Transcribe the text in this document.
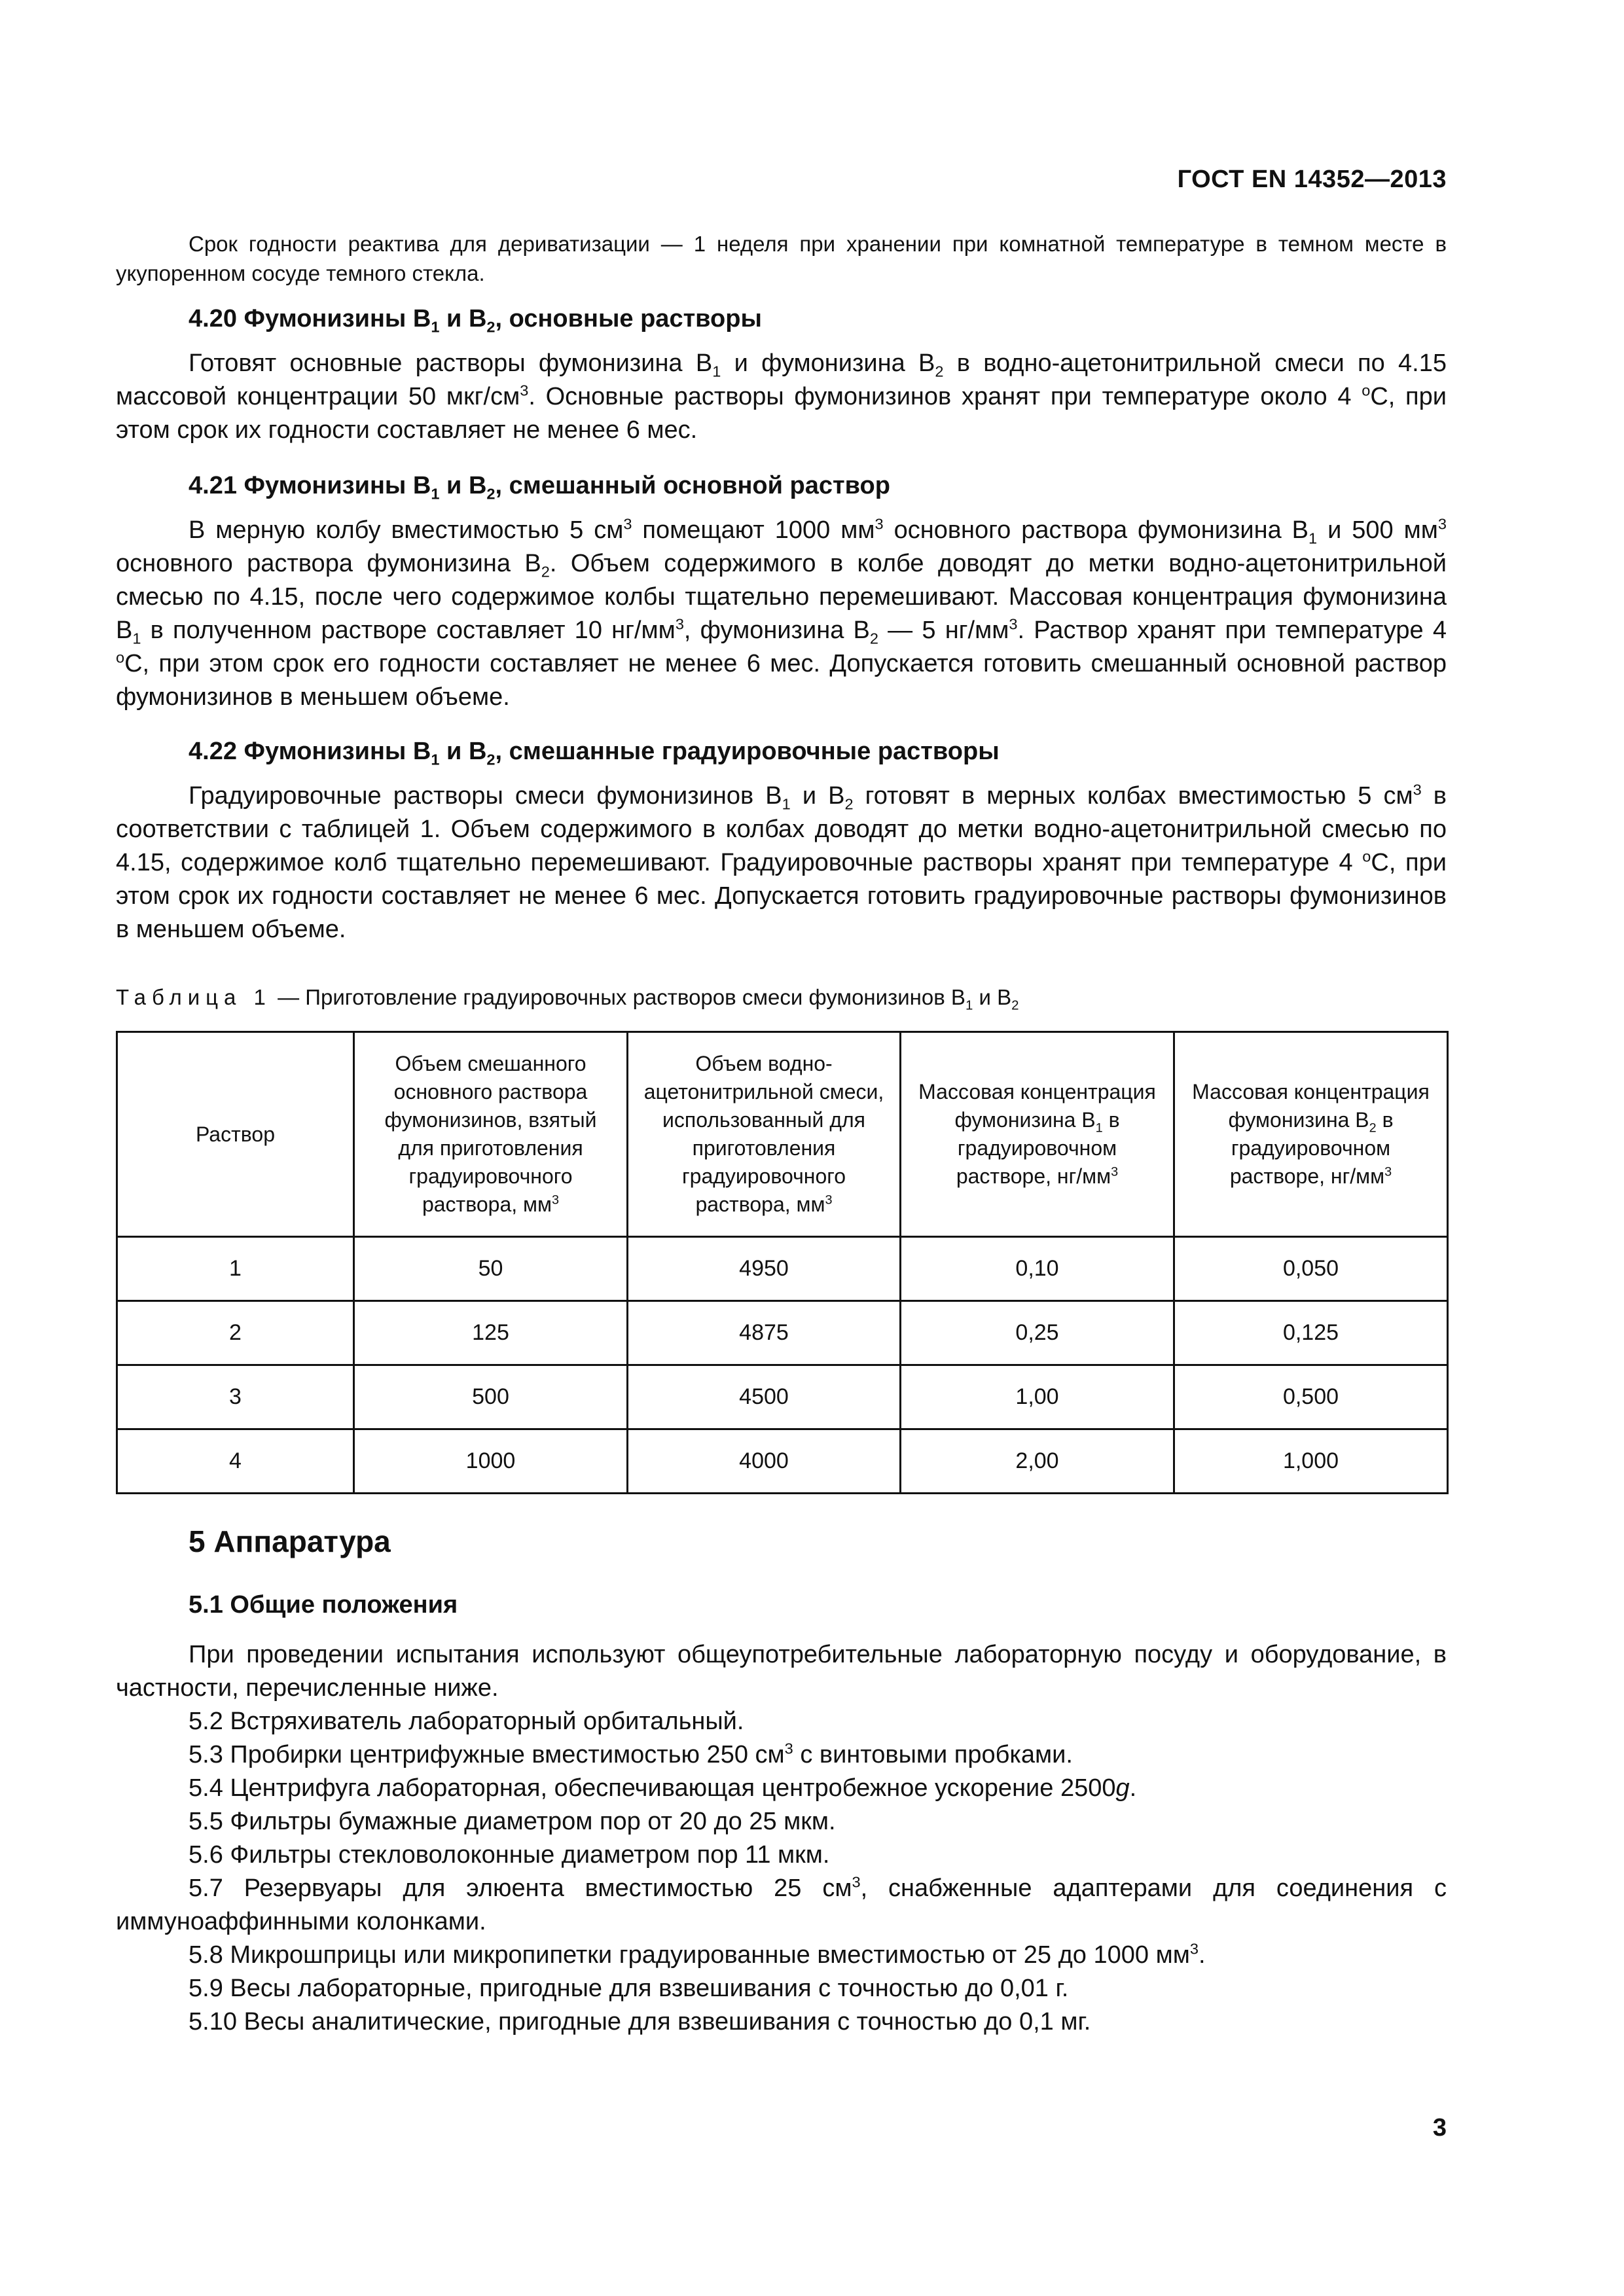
ГОСТ EN 14352—2013

Срок годности реактива для дериватизации — 1 неделя при хранении при комнатной температуре в темном месте в укупоренном сосуде темного стекла.

4.20 Фумонизины $B_1$ и $B_2$, основные растворы

Готовят основные растворы фумонизина $B_1$ и фумонизина $B_2$ в водно-ацетонитрильной смеси по 4.15 массовой концентрации 50 мкг/$см^3$. Основные растворы фумонизинов хранят при температуре около 4 $^o$C, при этом срок их годности составляет не менее 6 мес.

4.21 Фумонизины $B_1$ и $B_2$, смешанный основной раствор

В мерную колбу вместимостью 5 $см^3$ помещают 1000 $мм^3$ основного раствора фумонизина $B_1$ и 500 $мм^3$ основного раствора фумонизина $B_2$. Объем содержимого в колбе доводят до метки водно-ацетонитрильной смесью по 4.15, после чего содержимое колбы тщательно перемешивают. Массовая концентрация фумонизина $B_1$ в полученном растворе составляет 10 $нг/мм^3$, фумонизина $B_2$ — 5 $нг/мм^3$. Раствор хранят при температуре 4 $^o$C, при этом срок его годности составляет не менее 6 мес. Допускается готовить смешанный основной раствор фумонизинов в меньшем объеме.

4.22 Фумонизины $B_1$ и $B_2$, смешанные градуировочные растворы

Градуировочные растворы смеси фумонизинов $B_1$ и $B_2$ готовят в мерных колбах вместимостью 5 $см^3$ в соответствии с таблицей 1. Объем содержимого в колбах доводят до метки водно-ацетонитрильной смесью по 4.15, содержимое колб тщательно перемешивают. Градуировочные растворы хранят при температуре 4 $^o$C, при этом срок их годности составляет не менее 6 мес. Допускается готовить градуировочные растворы фумонизинов в меньшем объеме.

Таблица 1 — Приготовление градуировочных растворов смеси фумонизинов $B_1$ и $B_2$

Раствор	Объем смешанного основного раствора фумонизинов, взятый для приготовления градуировочного раствора, $мм^3$	Объем водно-ацетонитрильной смеси, использованный для приготовления градуировочного раствора, $мм^3$	Массовая концентрация фумонизина $B_1$ в градуировочном растворе, $нг/мм^3$	Массовая концентрация фумонизина $B_2$ в градуировочном растворе, $нг/мм^3$
1	50	4950	0,10	0,050
2	125	4875	0,25	0,125
3	500	4500	1,00	0,500
4	1000	4000	2,00	1,000

5 Аппаратура

5.1 Общие положения

При проведении испытания используют общеупотребительные лабораторную посуду и оборудование, в частности, перечисленные ниже.

5.2 Встряхиватель лабораторный орбитальный.

5.3 Пробирки центрифужные вместимостью 250 $см^3$ с винтовыми пробками.

5.4 Центрифуга лабораторная, обеспечивающая центробежное ускорение 2500g.

5.5 Фильтры бумажные диаметром пор от 20 до 25 мкм.

5.6 Фильтры стекловолоконные диаметром пор 11 мкм.

5.7 Резервуары для элюента вместимостью 25 $см^3$, снабженные адаптерами для соединения с иммуноаффинными колонками.

5.8 Микрошприцы или микропипетки градуированные вместимостью от 25 до 1000 $мм^3$.

5.9 Весы лабораторные, пригодные для взвешивания с точностью до 0,01 г.

5.10 Весы аналитические, пригодные для взвешивания с точностью до 0,1 мг.

3
